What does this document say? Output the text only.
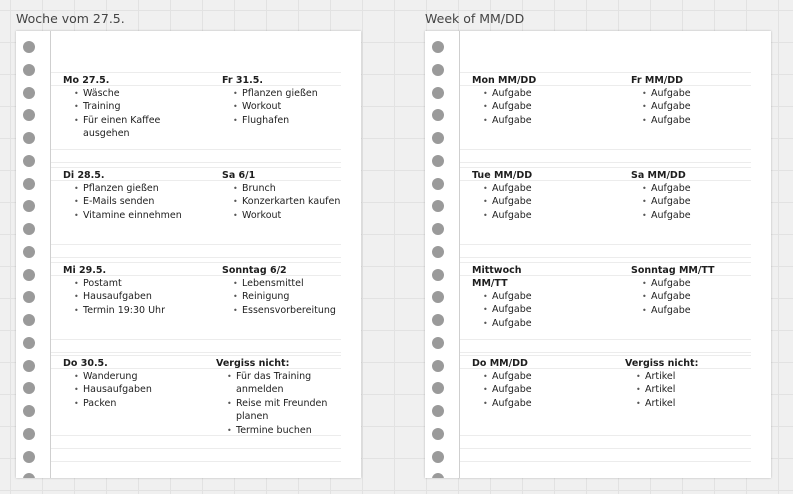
Woche vom 27.5.	Week of MM/DD
Mo 27.5.
• Wäsche
• Training
• Für einen Kaffee ausgehen
Fr 31.5.
• Pflanzen gießen
• Workout
• Flughafen
Di 28.5.
• Pflanzen gießen
• E-Mails senden
• Vitamine einnehmen
Sa 6/1
• Brunch
• Konzerkarten kaufen
• Workout
Mi 29.5.
• Postamt
• Hausaufgaben
• Termin 19:30 Uhr
Sonntag 6/2
• Lebensmittel
• Reinigung
• Essensvorbereitung
Do 30.5.
• Wanderung
• Hausaufgaben
• Packen
Vergiss nicht:
• Für das Training anmelden
• Reise mit Freunden planen
• Termine buchen
Mon MM/DD
• Aufgabe
• Aufgabe
• Aufgabe
Fr MM/DD
• Aufgabe
• Aufgabe
• Aufgabe
Tue MM/DD
• Aufgabe
• Aufgabe
• Aufgabe
Sa MM/DD
• Aufgabe
• Aufgabe
• Aufgabe
Mittwoch MM/TT
• Aufgabe
• Aufgabe
• Aufgabe
Sonntag MM/TT
• Aufgabe
• Aufgabe
• Aufgabe
Do MM/DD
• Aufgabe
• Aufgabe
• Aufgabe
Vergiss nicht:
• Artikel
• Artikel
• Artikel
